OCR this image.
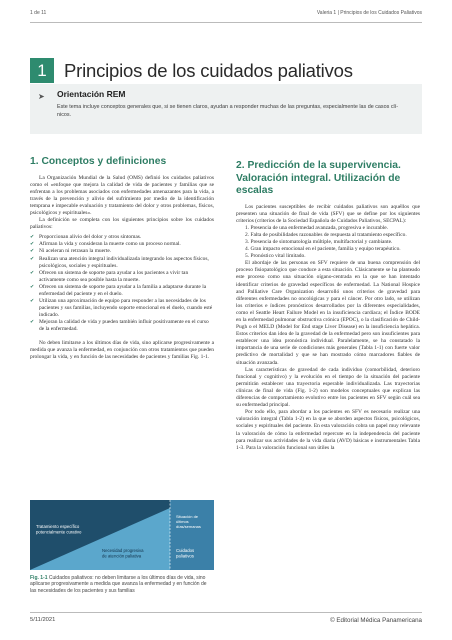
1 de 11	Valeria 1 | Principios de los Cuidados Paliativos
1 Principios de los cuidados paliativos
➤ Orientación REM
Este tema incluye conceptos generales que, si se tienen claros, ayudan a responder muchas de las preguntas, especialmente las de casos clí-nicos.
1. Conceptos y definiciones

La Organización Mundial de la Salud (OMS) definió los cuidados paliativos como el «enfoque que mejora la calidad de vida de pacientes y familias que se enfrentan a los problemas asociados con enfermedades amenazantes para la vida, a través de la prevención y alivio del sufrimiento por medio de la identificación temprana e impecable evaluación y tratamiento del dolor y otros problemas, físicos, psicológicos y espirituales».

La definición se completa con los siguientes principios sobre los cuidados paliativos:

✔ Proporcionan alivio del dolor y otros síntomas.
✔ Afirman la vida y consideran la muerte como un proceso normal.
✔ Ni aceleran ni retrasan la muerte.
✔ Realizan una atención integral individualizada integrando los aspectos físicos, psicológicos, sociales y espirituales.
✔ Ofrecen un sistema de soporte para ayudar a los pacientes a vivir tan activamente como sea posible hasta la muerte.
✔ Ofrecen un sistema de soporte para ayudar a la familia a adaptarse durante la enfermedad del paciente y en el duelo.
✔ Utilizan una aproximación de equipo para responder a las necesidades de los pacientes y sus familias, incluyendo soporte emocional en el duelo, cuando esté indicado.
✔ Mejoran la calidad de vida y pueden también influir positivamente en el curso de la enfermedad.

No deben limitarse a los últimos días de vida, sino aplicarse progresivamente a medida que avanza la enfermedad, en conjunción con otros tratamientos que pueden prolongar la vida, y en función de las necesidades de pacientes y familias Fig. 1-1.

Tratamiento específico
potencialmente curativo
Necesidad progresiva
de atención paliativa
Situación de
últimos
días/semanas
Cuidados
paliativos
Fig. 1-1 Cuidados paliativos: no deben limitarse a los últimos días de vida, sino aplicarse progresivamente a medida que avanza la enfermedad y en función de las necesidades de los pacientes y sus familias
2. Predicción de la supervivencia. Valoración integral. Utilización de escalas

Los pacientes susceptibles de recibir cuidados paliativos son aquéllos que presenten una situación de final de vida (SFV) que se define por los siguientes criterios (criterios de la Sociedad Española de Cuidados Paliativos, SECPAL):

1. Presencia de una enfermedad avanzada, progresiva e incurable.

2. Falta de posibilidades razonables de respuesta al tratamiento específico.

3. Presencia de sintomatología múltiple, multifactorial y cambiante.

4. Gran impacto emocional en el paciente, familia y equipo terapéutico.

5. Pronóstico vital limitado.

El abordaje de las personas en SFV requiere de una buena comprensión del proceso fisiopatológico que conduce a esta situación. Clásicamente se ha planteado este proceso como una situación oígano-centrada en la que se han intentado identificar criterios de gravedad específicos de enfermedad. La National Hospice and Palliative Care Organization desarrolló unos criterios de gravedad para diferentes enfermedades no oncológicas y para el cáncer. Por otro lado, se utilizan los criterios e índices pronósticos desarrollados por la diferentes especialidades, como el Seattle Heart Failure Model en la insuficiencia cardíaca; el Índice BODE en la enfermedad pulmonar obstructiva crónica (EPOC), o la clasificación de Child-Pugh o el MELD (Model for End stage Liver Disease) en la insuficiencia hepática. Estos criterios dan idea de la gravedad de la enfermedad pero son insuficientes para establecer una idea pronóstica individual. Paralelamente, se ha constatado la importancia de una serie de condiciones más generales (Tabla 1-1) con fuerte valor predictivo de mortalidad y que se han mostrado cómo marcadores fiables de situación avanzada.

Las características de gravedad de cada individuo (comorbilidad, deterioro funcional y cognitivo) y la evolución en el tiempo de la situación del paciente permitirán establecer una trayectoria esperable individualizada. Las trayectorias clínicas de final de vida (Fig. 1-2) son modelos conceptuales que explican las diferencias de comportamiento evolutivo entre los pacientes en SFV según cuál sea su enfermedad principal.

Por todo ello, para abordar a los pacientes en SFV es necesario realizar una valoración integral (Tabla 1-2) en la que se aborden aspectos físicos, psicológicos, sociales y espirituales del paciente. En esta valoración cobra un papel muy relevante la valoración de cómo la enfermedad repercute en la independencia del paciente para realizar sus actividades de la vida diaria (AVD) básicas e instrumentales Tabla 1-3. Para la valoración funcional son útiles la

5/11/2021	© Editorial Médica Panamericana
